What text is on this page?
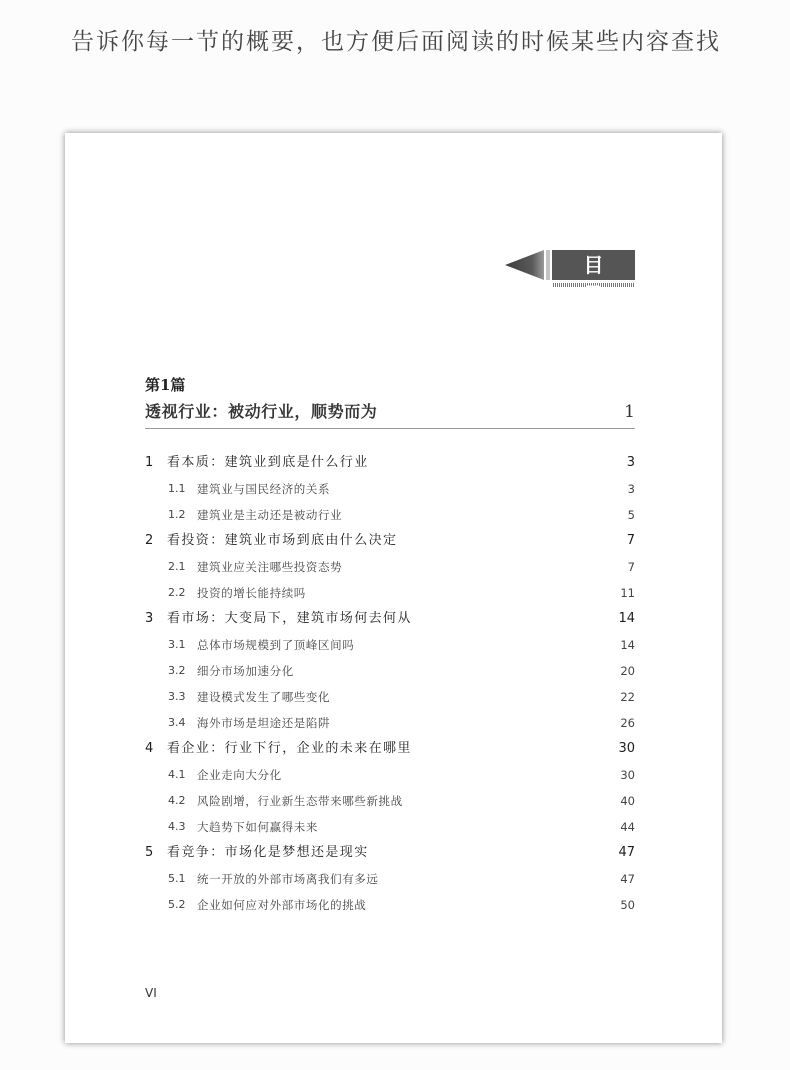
告诉你每一节的概要，也方便后面阅读的时候某些内容查找
目 录
第1篇
透视行业：被动行业，顺势而为	1
1 看本质：建筑业到底是什么行业	3
1.1 建筑业与国民经济的关系	3
1.2 建筑业是主动还是被动行业	5
2 看投资：建筑业市场到底由什么决定	7
2.1 建筑业应关注哪些投资态势	7
2.2 投资的增长能持续吗	11
3 看市场：大变局下，建筑市场何去何从	14
3.1 总体市场规模到了顶峰区间吗	14
3.2 细分市场加速分化	20
3.3 建设模式发生了哪些变化	22
3.4 海外市场是坦途还是陷阱	26
4 看企业：行业下行，企业的未来在哪里	30
4.1 企业走向大分化	30
4.2 风险剧增，行业新生态带来哪些新挑战	40
4.3 大趋势下如何赢得未来	44
5 看竞争：市场化是梦想还是现实	47
5.1 统一开放的外部市场离我们有多远	47
5.2 企业如何应对外部市场化的挑战	50
VI
